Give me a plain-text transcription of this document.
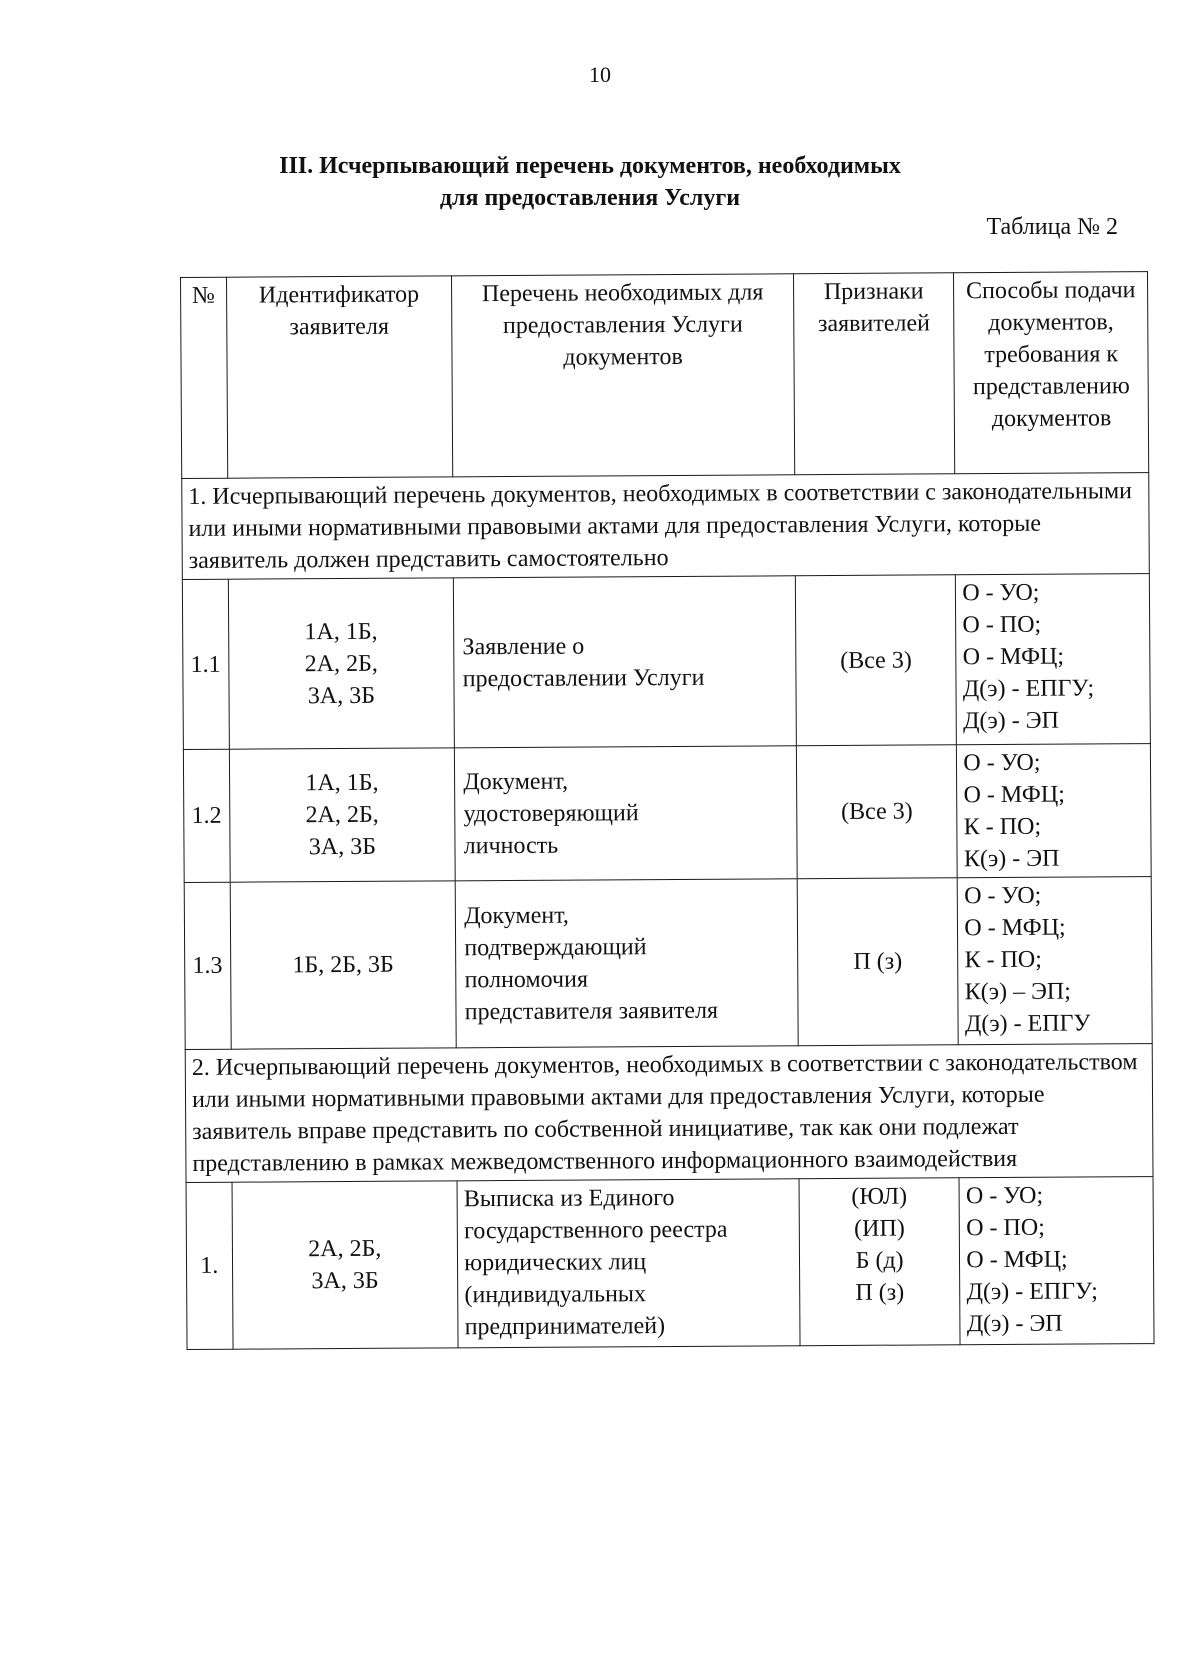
10
III. Исчерпывающий перечень документов, необходимых
для предоставления Услуги
Таблица № 2
№	Идентификатор заявителя	Перечень необходимых для предоставления Услуги документов	Признаки заявителей	Способы подачи документов, требования к представлению документов
1. Исчерпывающий перечень документов, необходимых в соответствии с законодательными или иными нормативными правовыми актами для предоставления Услуги, которые заявитель должен представить самостоятельно				
1.1	1А, 1Б,
2А, 2Б,
3А, 3Б	Заявление о
предоставлении Услуги	(Все 3)	О - УО;
О - ПО;
О - МФЦ;
Д(э) - ЕПГУ;
Д(э) - ЭП

1.2	1А, 1Б,
2А, 2Б,
3А, 3Б	Документ,
удостоверяющий
личность	(Все 3)	О - УО;
О - МФЦ;
К - ПО;
К(э) - ЭП

1.3	1Б, 2Б, 3Б	Документ,
подтверждающий
полномочия
представителя заявителя	П (з)	О - УО;
О - МФЦ;
К - ПО;
К(э) – ЭП;
Д(э) - ЕПГУ

2. Исчерпывающий перечень документов, необходимых в соответствии с законодательством или иными нормативными правовыми актами для предоставления Услуги, которые заявитель вправе представить по собственной инициативе, так как они подлежат представлению в рамках межведомственного информационного взаимодействия				
1.	2А, 2Б,
3А, 3Б	Выписка из Единого
государственного реестра
юридических лиц
(индивидуальных
предпринимателей)	(ЮЛ)
(ИП)
Б (д)
П (з)	О - УО;
О - ПО;
О - МФЦ;
Д(э) - ЕПГУ;
Д(э) - ЭП
